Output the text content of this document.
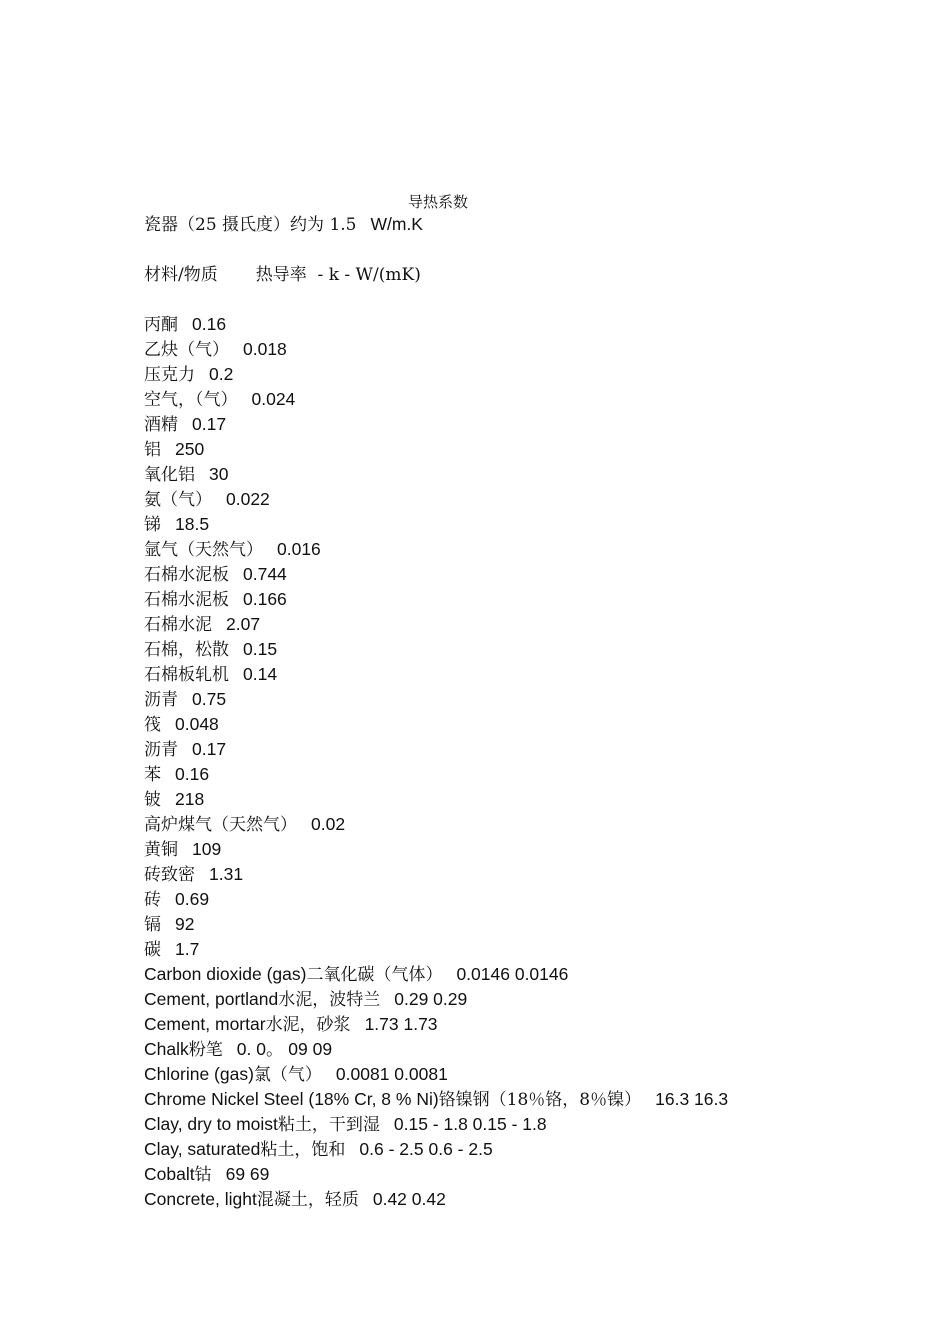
导热系数
瓷器（25 摄氏度）约为 1.5 W/m.K
材料/物质 热导率  - k - W/(mK)
丙酮 0.16
乙炔（气） 0.018
压克力 0.2
空气，（气） 0.024
酒精 0.17
铝 250
氧化铝 30
氨（气） 0.022
锑 18.5
氩气（天然气） 0.016
石棉水泥板 0.744
石棉水泥板 0.166
石棉水泥 2.07
石棉，松散 0.15
石棉板轧机 0.14
沥青 0.75
筏 0.048
沥青 0.17
苯 0.16
铍 218
高炉煤气（天然气） 0.02
黄铜 109
砖致密 1.31
砖 0.69
镉 92
碳 1.7
Carbon dioxide (gas)二氧化碳（气体） 0.0146 0.0146
Cement, portland水泥，波特兰 0.29 0.29
Cement, mortar水泥，砂浆 1.73 1.73
Chalk粉笔 0. 0。 09 09
Chlorine (gas)氯（气） 0.0081 0.0081
Chrome Nickel Steel (18% Cr, 8 % Ni)铬镍钢（18％铬，8％镍） 16.3 16.3
Clay, dry to moist粘土，干到湿 0.15 - 1.8 0.15 - 1.8
Clay, saturated粘土，饱和 0.6 - 2.5 0.6 - 2.5
Cobalt钴 69 69
Concrete, light混凝土，轻质 0.42 0.42
